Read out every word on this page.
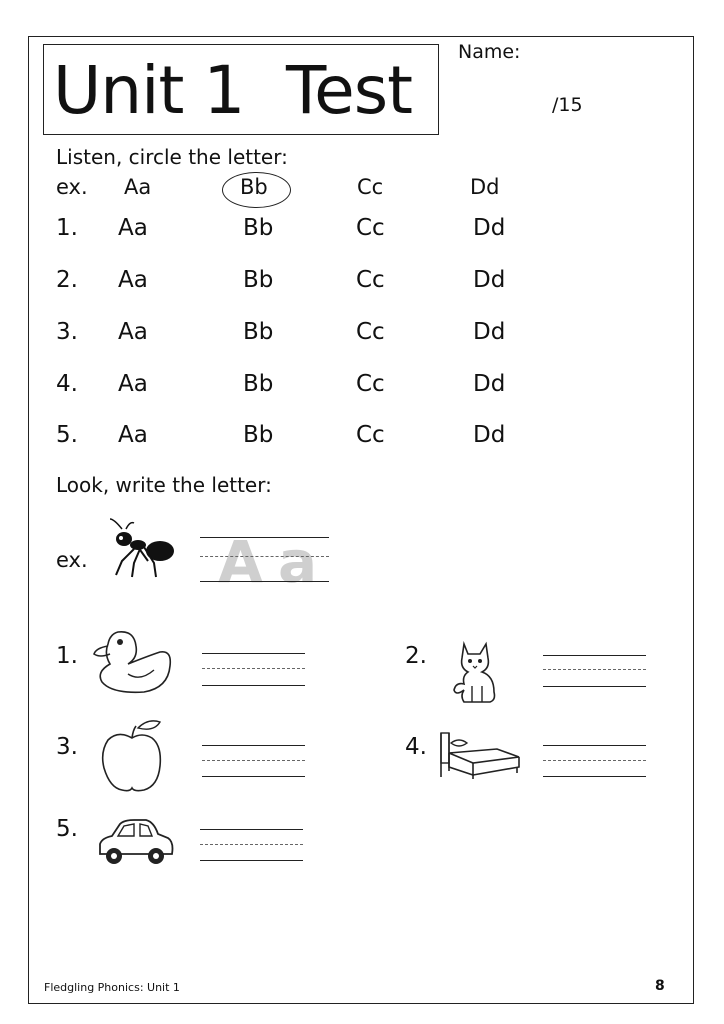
Unit 1 Test Name:
/15
Listen, circle the letter:
ex. Aa	Bb	Cc	Dd
1. Aa	Bb	Cc	Dd
2. Aa	Bb	Cc	Dd
3. Aa	Bb	Cc	Dd
4. Aa	Bb	Cc	Dd
5. Aa	Bb	Cc	Dd
Look, write the letter:
ex. A a
1.	2.
3.	4.
5.
Fledgling Phonics: Unit 1	8
